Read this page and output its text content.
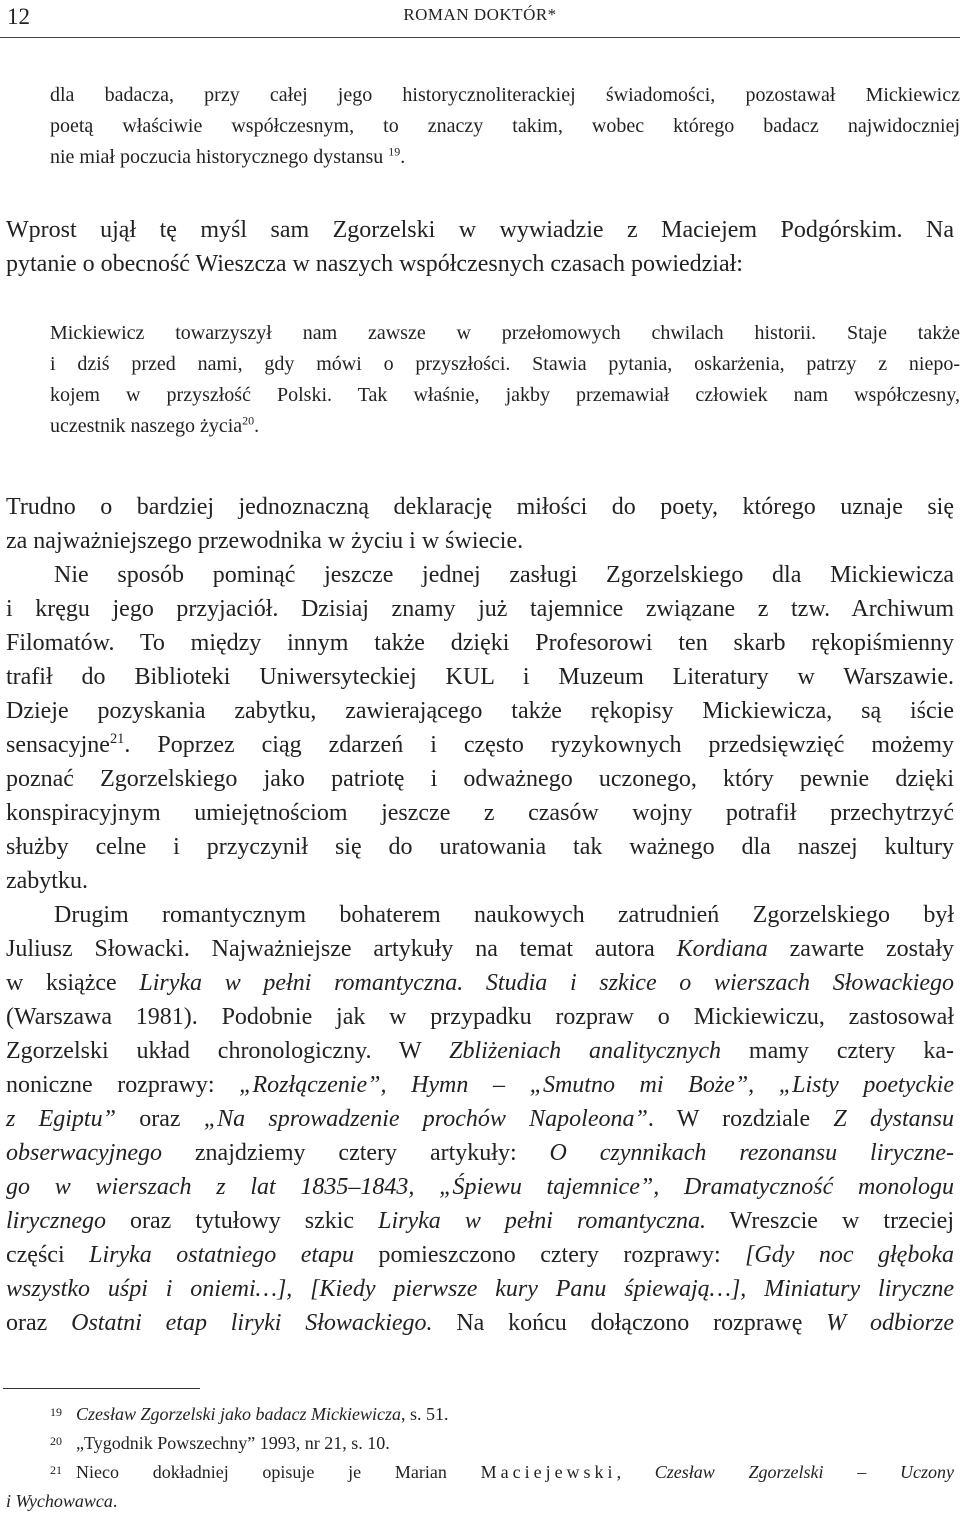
12	ROMAN DOKTÓR*
dla badacza, przy całej jego historycznoliterackiej świadomości, pozostawał Mickiewicz
poetą właściwie współczesnym, to znaczy takim, wobec którego badacz najwidoczniej
nie miał poczucia historycznego dystansu $^{19}$.
Wprost ujął tę myśl sam Zgorzelski w wywiadzie z Maciejem Podgórskim. Na
pytanie o obecność Wieszcza w naszych współczesnych czasach powiedział:
Mickiewicz towarzyszył nam zawsze w przełomowych chwilach historii. Staje także
i dziś przed nami, gdy mówi o przyszłości. Stawia pytania, oskarżenia, patrzy z niepo-
kojem w przyszłość Polski. Tak właśnie, jakby przemawiał człowiek nam współczesny,
uczestnik naszego życia$^{20}$.
Trudno o bardziej jednoznaczną deklarację miłości do poety, którego uznaje się
za najważniejszego przewodnika w życiu i w świecie.
Nie sposób pominąć jeszcze jednej zasługi Zgorzelskiego dla Mickiewicza
i kręgu jego przyjaciół. Dzisiaj znamy już tajemnice związane z tzw. Archiwum
Filomatów. To między innym także dzięki Profesorowi ten skarb rękopiśmienny
trafił do Biblioteki Uniwersyteckiej KUL i Muzeum Literatury w Warszawie.
Dzieje pozyskania zabytku, zawierającego także rękopisy Mickiewicza, są iście
sensacyjne$^{21}$. Poprzez ciąg zdarzeń i często ryzykownych przedsięwzięć możemy
poznać Zgorzelskiego jako patriotę i odważnego uczonego, który pewnie dzięki
konspiracyjnym umiejętnościom jeszcze z czasów wojny potrafił przechytrzyć
służby celne i przyczynił się do uratowania tak ważnego dla naszej kultury
zabytku.
Drugim romantycznym bohaterem naukowych zatrudnień Zgorzelskiego był
Juliusz Słowacki. Najważniejsze artykuły na temat autora Kordiana zawarte zostały
w książce Liryka w pełni romantyczna. Studia i szkice o wierszach Słowackiego
(Warszawa 1981). Podobnie jak w przypadku rozpraw o Mickiewiczu, zastosował
Zgorzelski układ chronologiczny. W Zbliżeniach analitycznych mamy cztery ka-
noniczne rozprawy: „Rozłączenie”, Hymn – „Smutno mi Boże”, „Listy poetyckie
z Egiptu” oraz „Na sprowadzenie prochów Napoleona”. W rozdziale Z dystansu
obserwacyjnego znajdziemy cztery artykuły: O czynnikach rezonansu liryczne-
go w wierszach z lat 1835–1843, „Śpiewu tajemnice”, Dramatyczność monologu
lirycznego oraz tytułowy szkic Liryka w pełni romantyczna. Wreszcie w trzeciej
części Liryka ostatniego etapu pomieszczono cztery rozprawy: [Gdy noc głęboka
wszystko uśpi i oniemi…], [Kiedy pierwsze kury Panu śpiewają…], Miniatury liryczne
oraz Ostatni etap liryki Słowackiego. Na końcu dołączono rozprawę W odbiorze
19 Czesław Zgorzelski jako badacz Mickiewicza, s. 51.
20 „Tygodnik Powszechny” 1993, nr 21, s. 10.
21 Nieco dokładniej opisuje je Marian Maciejewski, Czesław Zgorzelski – Uczony
i Wychowawca.
